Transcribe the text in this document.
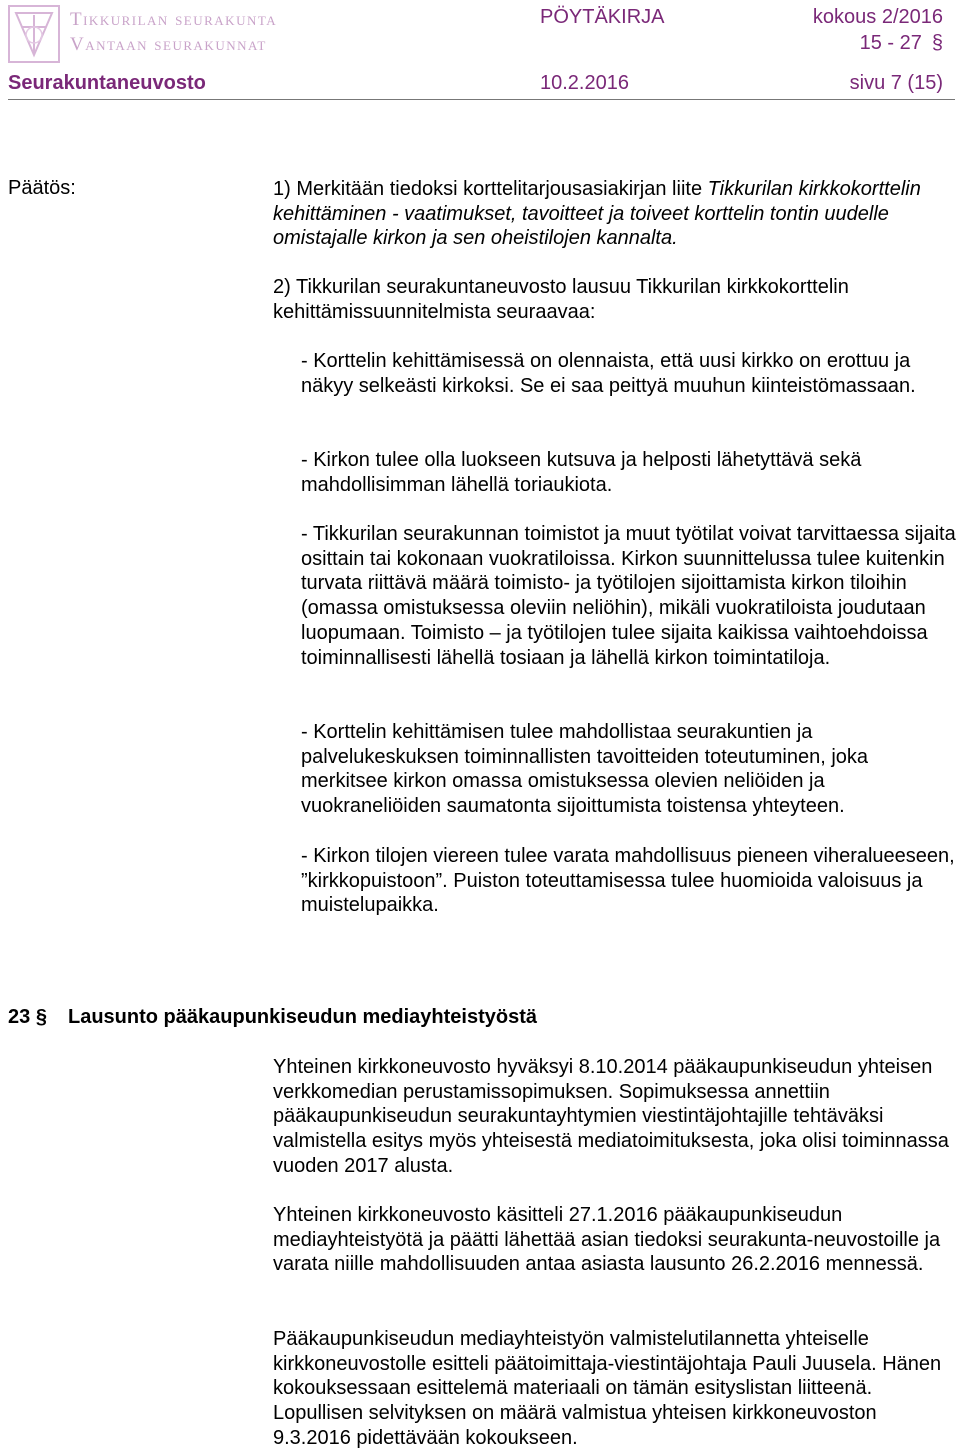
Tikkurilan seurakunta
Vantaan seurakunnat
PÖYTÄKIRJA	kokous 2/2016
15 - 27 §
Seurakuntaneuvosto	10.2.2016	sivu 7 (15)
Päätös:	1) Merkitään tiedoksi korttelitarjousasiakirjan liite Tikkurilan kirkkokorttelin kehittäminen - vaatimukset, tavoitteet ja toiveet korttelin tontin uudelle omistajalle kirkon ja sen oheistilojen kannalta.

2) Tikkurilan seurakuntaneuvosto lausuu Tikkurilan kirkkokorttelin kehittämissuunnitelmista seuraavaa:

- Korttelin kehittämisessä on olennaista, että uusi kirkko on erottuu ja näkyy selkeästi kirkoksi. Se ei saa peittyä muuhun kiinteistömassaan.

- Kirkon tulee olla luokseen kutsuva ja helposti lähetyttävä sekä mahdollisimman lähellä toriaukiota.

- Tikkurilan seurakunnan toimistot ja muut työtilat voivat tarvittaessa sijaita osittain tai kokonaan vuokratiloissa. Kirkon suunnittelussa tulee kuitenkin turvata riittävä määrä toimisto- ja työtilojen sijoittamista kirkon tiloihin (omassa omistuksessa oleviin neliöhin), mikäli vuokratiloista joudutaan luopumaan. Toimisto – ja työtilojen tulee sijaita kaikissa vaihtoehdoissa toiminnallisesti lähellä tosiaan ja lähellä kirkon toimintatiloja.

- Korttelin kehittämisen tulee mahdollistaa seurakuntien ja palvelukeskuksen toiminnallisten tavoitteiden toteutuminen, joka merkitsee kirkon omassa omistuksessa olevien neliöiden ja vuokraneliöiden saumatonta sijoittumista toistensa yhteyteen.

- Kirkon tilojen viereen tulee varata mahdollisuus pieneen viheralueeseen, ”kirkkopuistoon”. Puiston toteuttamisessa tulee huomioida valoisuus ja muistelupaikka.

23 § Lausunto pääkaupunkiseudun mediayhteistyöstä

Yhteinen kirkkoneuvosto hyväksyi 8.10.2014 pääkaupunkiseudun yhteisen verkkomedian perustamissopimuksen. Sopimuksessa annettiin pääkaupunkiseudun seurakuntayhtymien viestintäjohtajille tehtäväksi valmistella esitys myös yhteisestä mediatoimituksesta, joka olisi toiminnassa vuoden 2017 alusta.

Yhteinen kirkkoneuvosto käsitteli 27.1.2016 pääkaupunkiseudun mediayhteistyötä ja päätti lähettää asian tiedoksi seurakunta-neuvostoille ja varata niille mahdollisuuden antaa asiasta lausunto 26.2.2016 mennessä.

Pääkaupunkiseudun mediayhteistyön valmistelutilannetta yhteiselle kirkkoneuvostolle esitteli päätoimittaja-viestintäjohtaja Pauli Juusela. Hänen kokouksessaan esittelemä materiaali on tämän esityslistan liitteenä. Lopullisen selvityksen on määrä valmistua yhteisen kirkkoneuvoston 9.3.2016 pidettävään kokoukseen.
